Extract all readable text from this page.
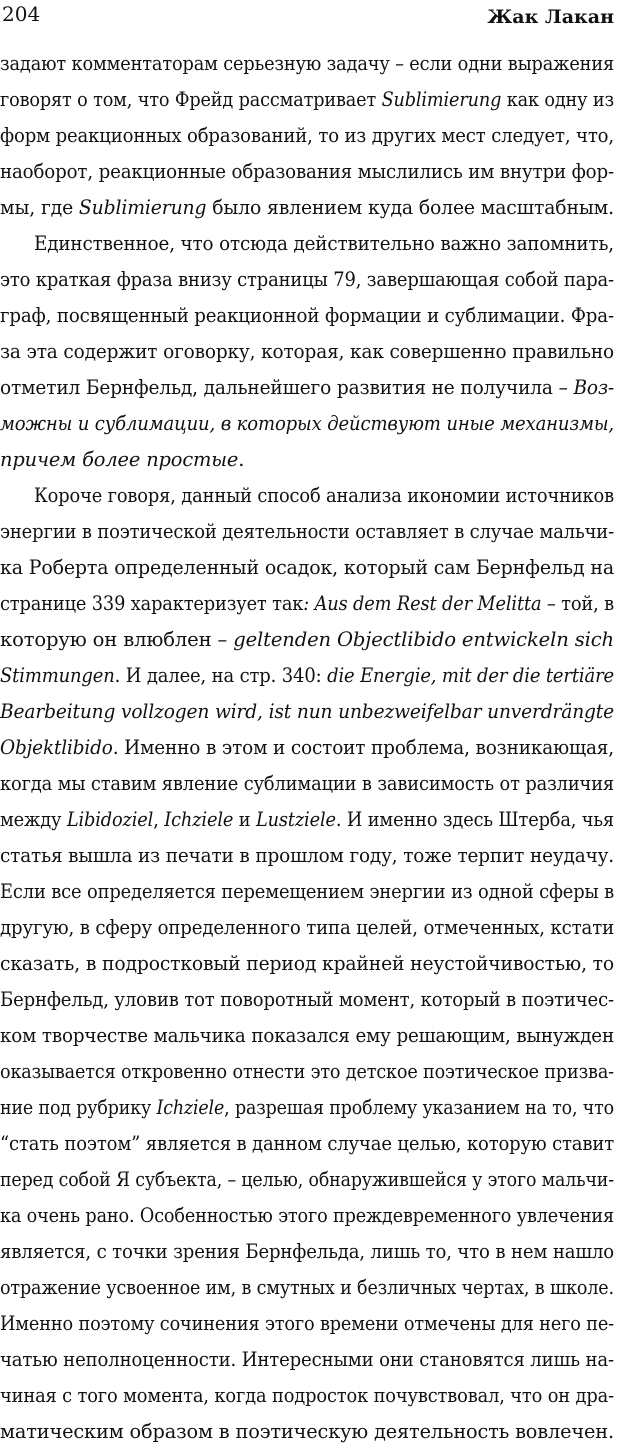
204	Жак Лакан
задают комментаторам серьезную задачу – если одни выражения
говорят о том, что Фрейд рассматривает Sublimierung как одну из
форм реакционных образований, то из других мест следует, что,
наоборот, реакционные образования мыслились им внутри фор-
мы, где Sublimierung было явлением куда более масштабным.
Единственное, что отсюда действительно важно запомнить,
это краткая фраза внизу страницы 79, завершающая собой пара-
граф, посвященный реакционной формации и сублимации. Фра-
за эта содержит оговорку, которая, как совершенно правильно
отметил Бернфельд, дальнейшего развития не получила – Воз-
можны и сублимации, в которых действуют иные механизмы,
причем более простые.
Короче говоря, данный способ анализа икономии источников
энергии в поэтической деятельности оставляет в случае мальчи-
ка Роберта определенный осадок, который сам Бернфельд на
странице 339 характеризует так: Aus dem Rest der Melitta – той, в
которую он влюблен – geltenden Objectlibido entwickeln sich
Stimmungen. И далее, на стр. 340: die Energie, mit der die tertiäre
Bearbeitung vollzogen wird, ist nun unbezweifelbar unverdrängte
Objektlibido. Именно в этом и состоит проблема, возникающая,
когда мы ставим явление сублимации в зависимость от различия
между Libidoziel, Ichziele и Lustziele. И именно здесь Штерба, чья
статья вышла из печати в прошлом году, тоже терпит неудачу.
Если все определяется перемещением энергии из одной сферы в
другую, в сферу определенного типа целей, отмеченных, кстати
сказать, в подростковый период крайней неустойчивостью, то
Бернфельд, уловив тот поворотный момент, который в поэтичес-
ком творчестве мальчика показался ему решающим, вынужден
оказывается откровенно отнести это детское поэтическое призва-
ние под рубрику Ichziele, разрешая проблему указанием на то, что
“стать поэтом” является в данном случае целью, которую ставит
перед собой Я субъекта, – целью, обнаружившейся у этого мальчи-
ка очень рано. Особенностью этого преждевременного увлечения
является, с точки зрения Бернфельда, лишь то, что в нем нашло
отражение усвоенное им, в смутных и безличных чертах, в школе.
Именно поэтому сочинения этого времени отмечены для него пе-
чатью неполноценности. Интересными они становятся лишь на-
чиная с того момента, когда подросток почувствовал, что он дра-
матическим образом в поэтическую деятельность вовлечен.
